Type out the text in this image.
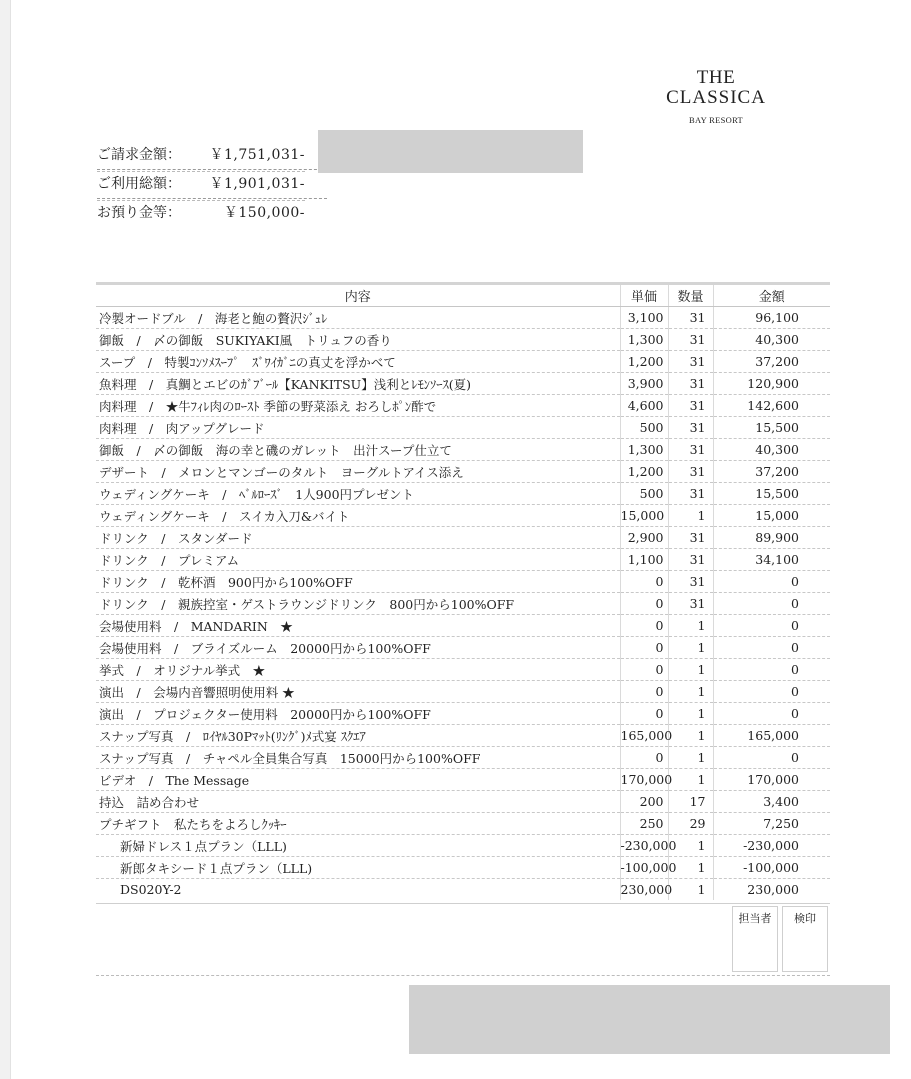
THE
CLASSICA
BAY RESORT
ご請求金額： ￥1,751,031-
ご利用総額： ￥1,901,031-
お預り金等：	￥150,000-
内容	単価	数量	金額
冷製オードブル　/　海老と鮑の贅沢ｼﾞｭﾚ	3,100	31	96,100
御飯　/　〆の御飯　SUKIYAKI風　トリュフの香り	1,300	31	40,300
スープ　/　特製ｺﾝｿﾒｽｰﾌﾟ　ｽﾞﾜｲｶﾞﾆの真丈を浮かべて	1,200	31	37,200
魚料理　/　真鯛とエビのｶﾞﾌﾞｰﾙ【KANKITSU】浅利とﾚﾓﾝｿｰｽ(夏)	3,900	31	120,900
肉料理　/　★牛ﾌｨﾚ肉のﾛｰｽﾄ 季節の野菜添え おろしﾎﾟﾝ酢で	4,600	31	142,600
肉料理　/　肉アップグレード	500	31	15,500
御飯　/　〆の御飯　海の幸と磯のガレット　出汁スープ仕立て	1,300	31	40,300
デザート　/　メロンとマンゴーのタルト　ヨーグルトアイス添え	1,200	31	37,200
ウェディングケーキ　/　ﾍﾞﾙﾛｰｽﾞ　1人900円プレゼント	500	31	15,500
ウェディングケーキ　/　スイカ入刀&バイト	15,000	1	15,000
ドリンク　/　スタンダード	2,900	31	89,900
ドリンク　/　プレミアム	1,100	31	34,100
ドリンク　/　乾杯酒　900円から100%OFF	0	31	0
ドリンク　/　親族控室・ゲストラウンジドリンク　800円から100%OFF	0	31	0
会場使用料　/　MANDARIN　★	0	1	0
会場使用料　/　ブライズルーム　20000円から100%OFF	0	1	0
挙式　/　オリジナル挙式　★	0	1	0
演出　/　会場内音響照明使用料 ★	0	1	0
演出　/　プロジェクター使用料　20000円から100%OFF	0	1	0
スナップ写真　/　ﾛｲﾔﾙ30Pﾏｯﾄ(ﾘﾝｸﾞ)ﾒ式宴 ｽｸｴｱ	165,000	1	165,000
スナップ写真　/　チャペル全員集合写真　15000円から100%OFF	0	1	0
ビデオ　/　The Message	170,000	1	170,000
持込　詰め合わせ	200	17	3,400
プチギフト　私たちをよろしｸｯｷｰ	250	29	7,250
新婦ドレス１点プラン（LLL)	-230,000	1	-230,000
新郎タキシード１点プラン（LLL)	-100,000	1	-100,000
DS020Y-2	230,000	1	230,000
担当者	検印
